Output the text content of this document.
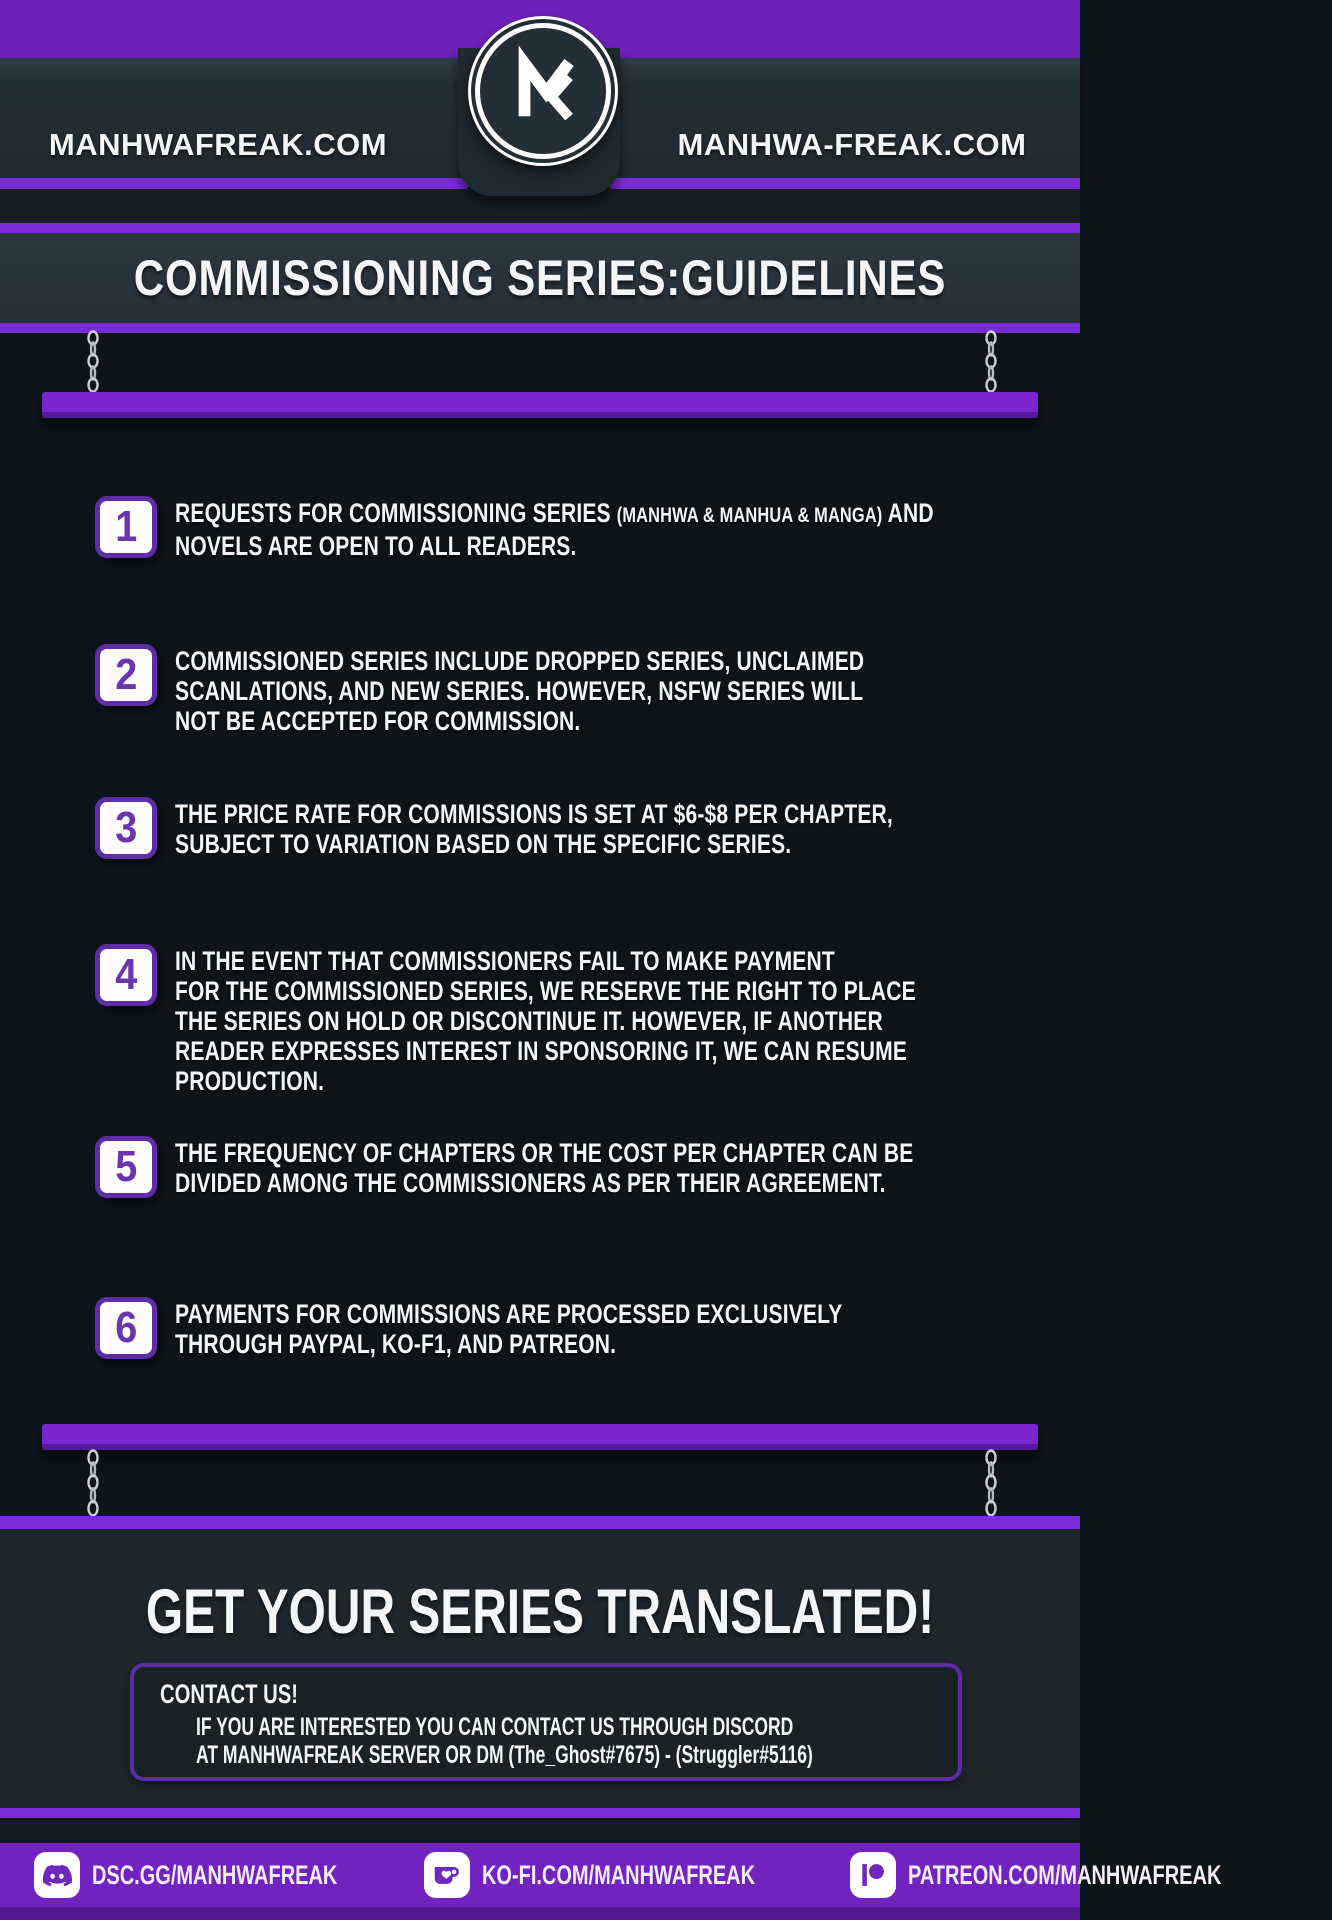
MANHWAFREAK.COM	MANHWA-FREAK.COM
COMMISSIONING SERIES:GUIDELINES
1 REQUESTS FOR COMMISSIONING SERIES (MANHWA & MANHUA & MANGA) AND
NOVELS ARE OPEN TO ALL READERS.
2 COMMISSIONED SERIES INCLUDE DROPPED SERIES, UNCLAIMED
SCANLATIONS, AND NEW SERIES. HOWEVER, NSFW SERIES WILL
NOT BE ACCEPTED FOR COMMISSION.
3 THE PRICE RATE FOR COMMISSIONS IS SET AT $6-$8 PER CHAPTER,
SUBJECT TO VARIATION BASED ON THE SPECIFIC SERIES.
4 IN THE EVENT THAT COMMISSIONERS FAIL TO MAKE PAYMENT
FOR THE COMMISSIONED SERIES, WE RESERVE THE RIGHT TO PLACE
THE SERIES ON HOLD OR DISCONTINUE IT. HOWEVER, IF ANOTHER
READER EXPRESSES INTEREST IN SPONSORING IT, WE CAN RESUME
PRODUCTION.
5 THE FREQUENCY OF CHAPTERS OR THE COST PER CHAPTER CAN BE
DIVIDED AMONG THE COMMISSIONERS AS PER THEIR AGREEMENT.
6 PAYMENTS FOR COMMISSIONS ARE PROCESSED EXCLUSIVELY
THROUGH PAYPAL, KO-F1, AND PATREON.
GET YOUR SERIES TRANSLATED!
CONTACT US!
IF YOU ARE INTERESTED YOU CAN CONTACT US THROUGH DISCORD
AT MANHWAFREAK SERVER OR DM (The_Ghost#7675) - (Struggler#5116)
DSC.GG/MANHWAFREAK	KO-FI.COM/MANHWAFREAK	PATREON.COM/MANHWAFREAK
